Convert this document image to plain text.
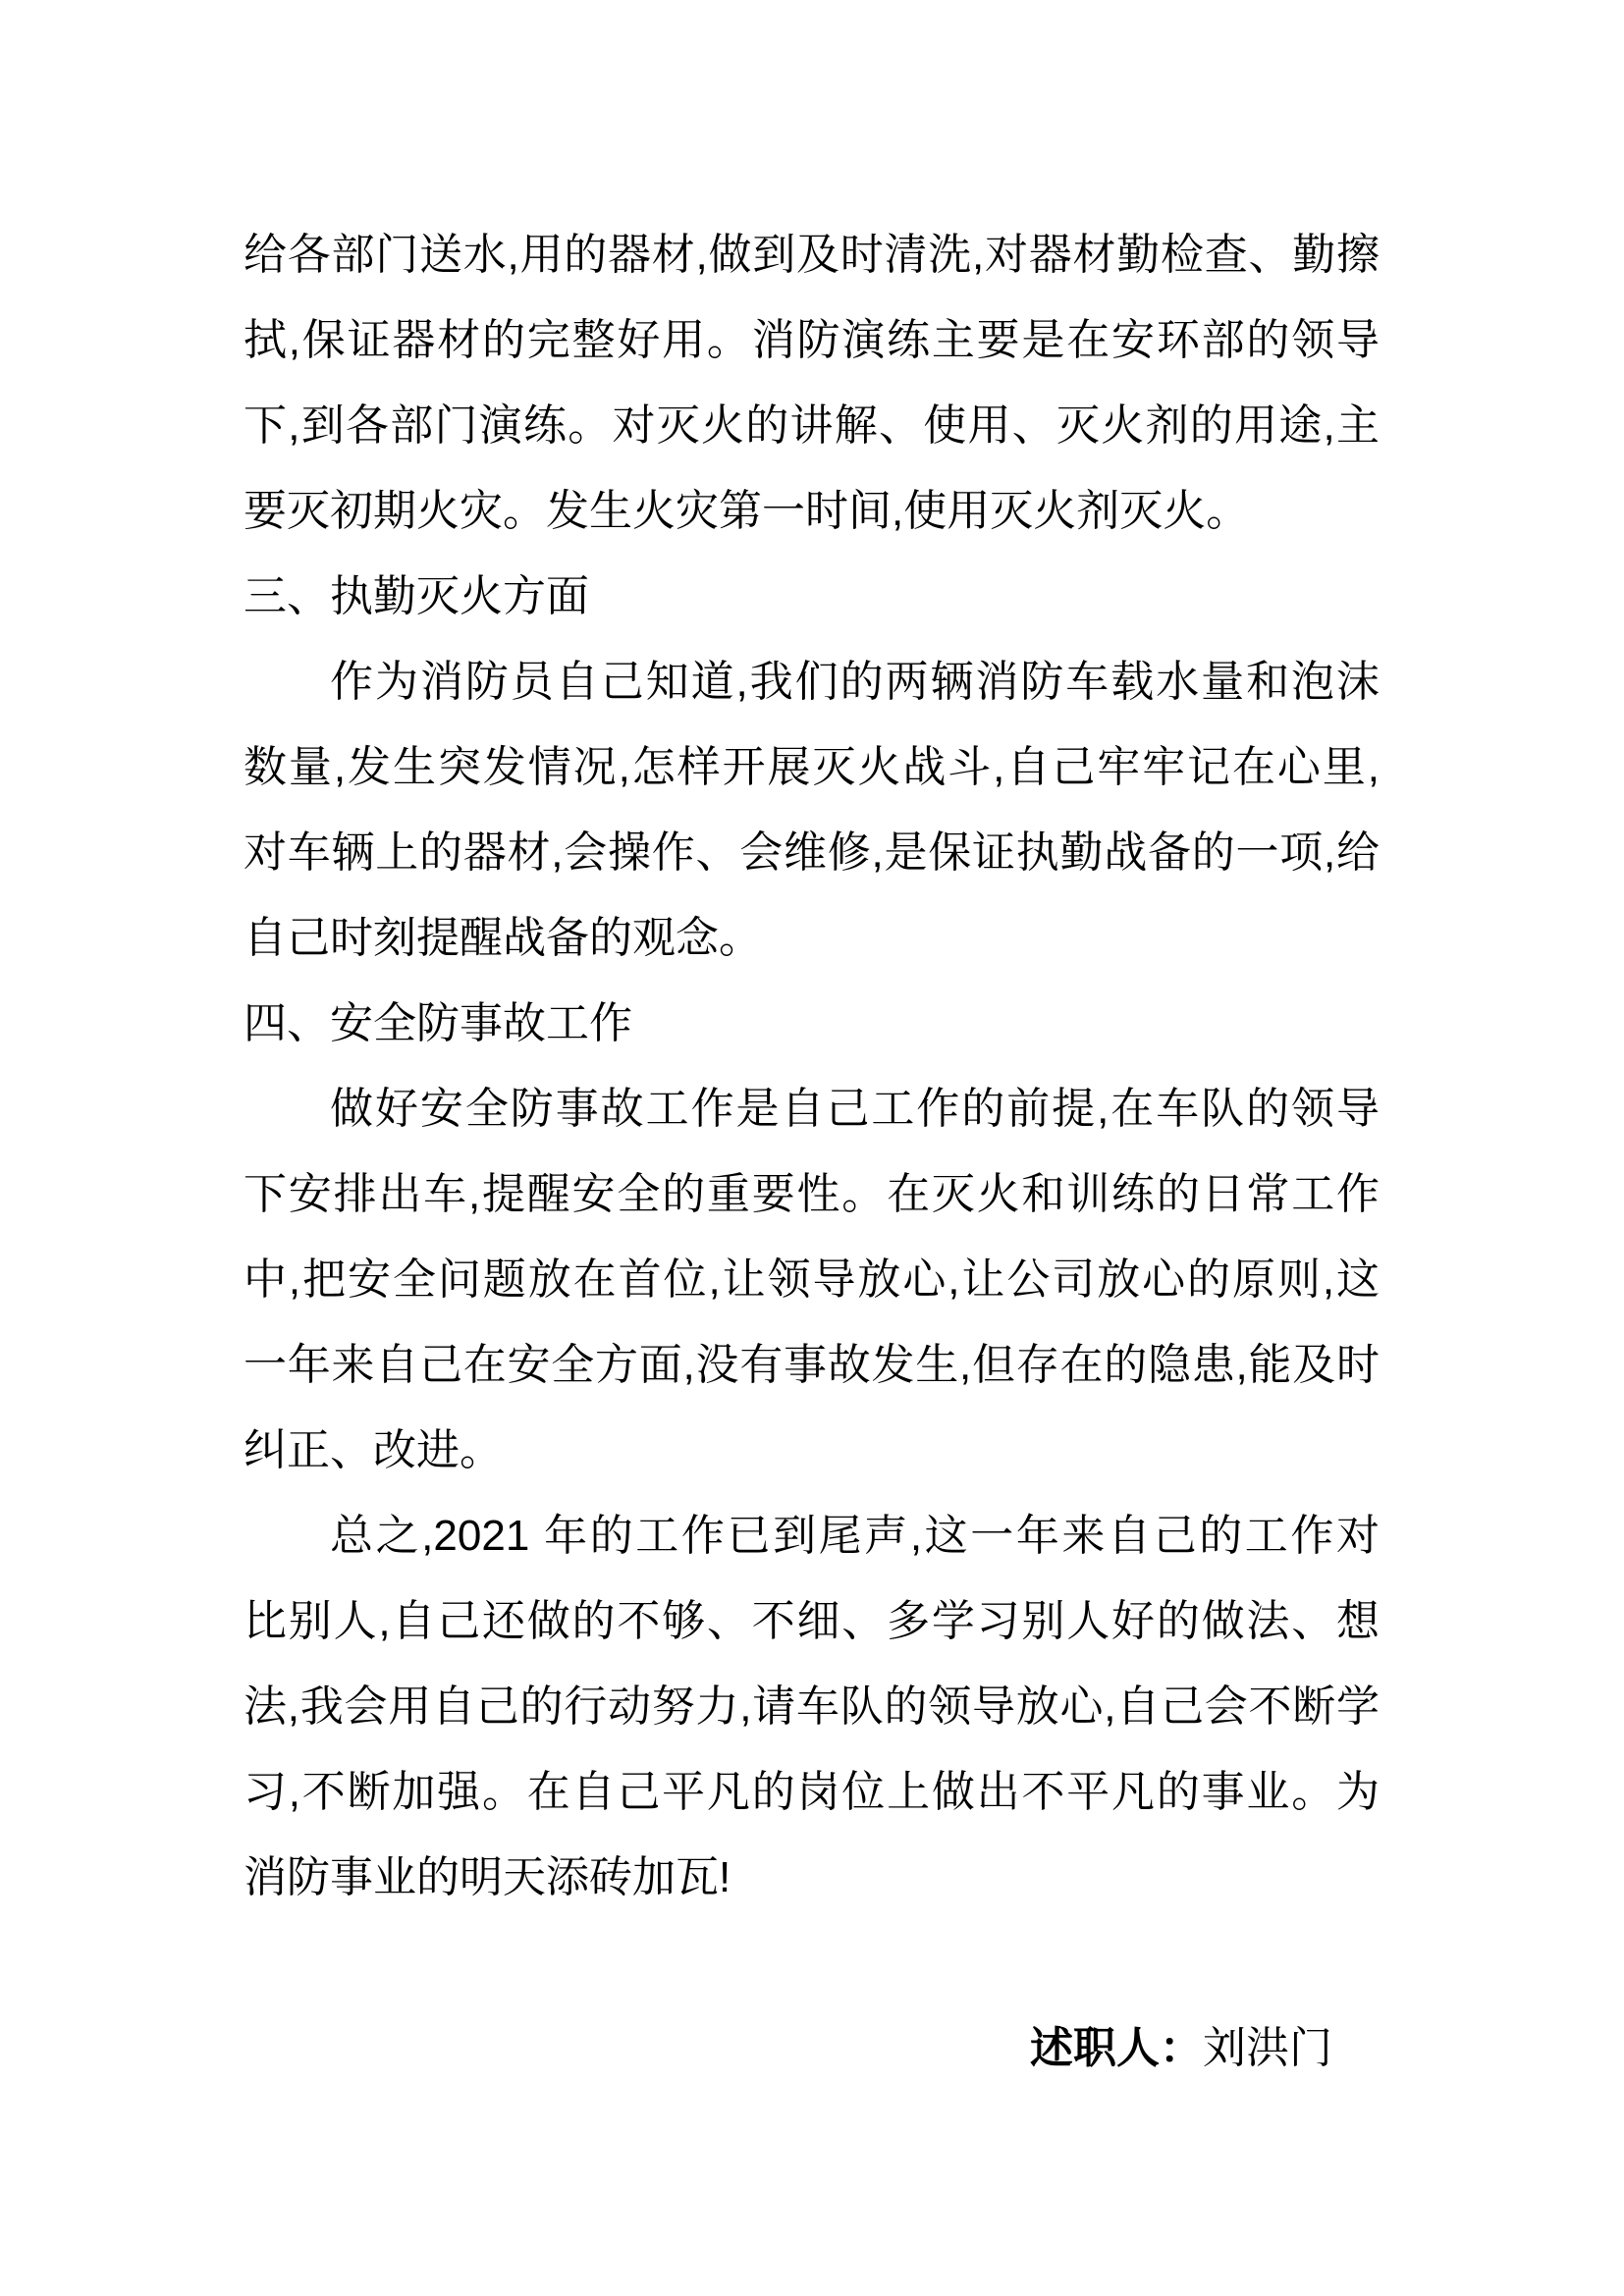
给各部门送水,用的器材,做到及时清洗,对器材勤检查、勤擦
拭,保证器材的完整好用。消防演练主要是在安环部的领导
下,到各部门演练。对灭火的讲解、使用、灭火剂的用途,主
要灭初期火灾。发生火灾第一时间,使用灭火剂灭火。
三、执勤灭火方面
作为消防员自己知道,我们的两辆消防车载水量和泡沫
数量,发生突发情况,怎样开展灭火战斗,自己牢牢记在心里,
对车辆上的器材,会操作、会维修,是保证执勤战备的一项,给
自己时刻提醒战备的观念。
四、安全防事故工作
做好安全防事故工作是自己工作的前提,在车队的领导
下安排出车,提醒安全的重要性。在灭火和训练的日常工作
中,把安全问题放在首位,让领导放心,让公司放心的原则,这
一年来自己在安全方面,没有事故发生,但存在的隐患,能及时
纠正、改进。
总之,2021 年的工作已到尾声,这一年来自己的工作对
比别人,自己还做的不够、不细、多学习别人好的做法、想
法,我会用自己的行动努力,请车队的领导放心,自己会不断学
习,不断加强。在自己平凡的岗位上做出不平凡的事业。为
消防事业的明天添砖加瓦!
述职人：刘洪门
